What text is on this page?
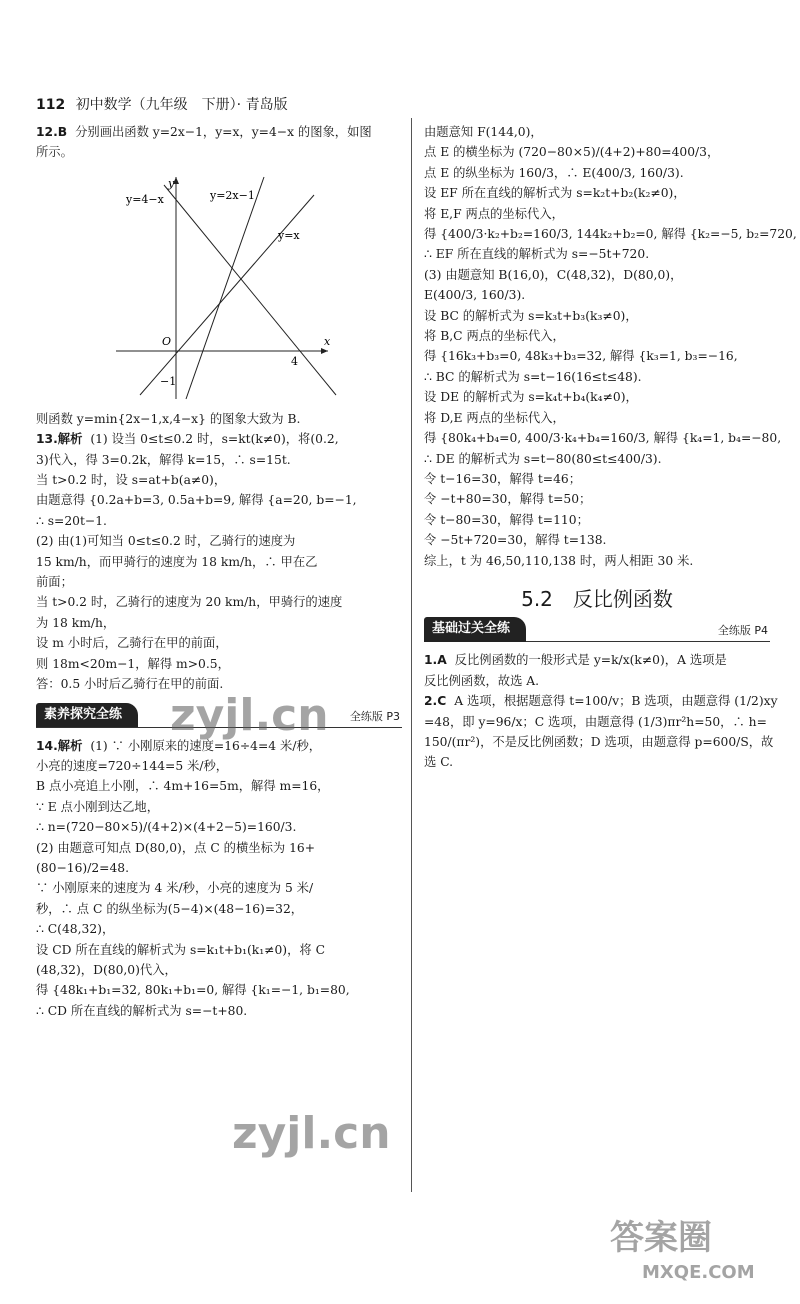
112 初中数学（九年级　下册）· 青岛版
12.B 分别画出函数 y=2x−1，y=x，y=4−x 的图象，如图
所示。
y=4−x
y
y=2x−1
y=x
O	x
4
−1
则函数 y=min{2x−1,x,4−x} 的图象大致为 B.
13.解析 (1) 设当 0≤t≤0.2 时，s=kt(k≠0)，将(0.2,
3)代入，得 3=0.2k，解得 k=15，∴ s=15t.
当 t>0.2 时，设 s=at+b(a≠0)，
由题意得 {0.2a+b=3, 0.5a+b=9, 解得 {a=20, b=−1,
∴ s=20t−1.
(2) 由(1)可知当 0≤t≤0.2 时，乙骑行的速度为
15 km/h，而甲骑行的速度为 18 km/h，∴ 甲在乙
前面；
当 t>0.2 时，乙骑行的速度为 20 km/h，甲骑行的速度
为 18 km/h，
设 m 小时后，乙骑行在甲的前面，
则 18m<20m−1，解得 m>0.5，
答：0.5 小时后乙骑行在甲的前面.
素养探究全练	全练版 P3
14.解析 (1) ∵ 小刚原来的速度=16÷4=4 米/秒，
小亮的速度=720÷144=5 米/秒，
B 点小亮追上小刚，∴ 4m+16=5m，解得 m=16，
∵ E 点小刚到达乙地，
∴ n=(720−80×5)/(4+2)×(4+2−5)=160/3.
(2) 由题意可知点 D(80,0)，点 C 的横坐标为 16+
(80−16)/2=48.
∵ 小刚原来的速度为 4 米/秒，小亮的速度为 5 米/
秒，∴ 点 C 的纵坐标为(5−4)×(48−16)=32，
∴ C(48,32)，
设 CD 所在直线的解析式为 s=k₁t+b₁(k₁≠0)，将 C
(48,32)，D(80,0)代入，
得 {48k₁+b₁=32, 80k₁+b₁=0, 解得 {k₁=−1, b₁=80,
∴ CD 所在直线的解析式为 s=−t+80.
由题意知 F(144,0)，
点 E 的横坐标为 (720−80×5)/(4+2)+80=400/3，
点 E 的纵坐标为 160/3，∴ E(400/3, 160/3).
设 EF 所在直线的解析式为 s=k₂t+b₂(k₂≠0)，
将 E,F 两点的坐标代入，
得 {400/3·k₂+b₂=160/3, 144k₂+b₂=0, 解得 {k₂=−5, b₂=720,
∴ EF 所在直线的解析式为 s=−5t+720.
(3) 由题意知 B(16,0)，C(48,32)，D(80,0)，
E(400/3, 160/3).
设 BC 的解析式为 s=k₃t+b₃(k₃≠0)，
将 B,C 两点的坐标代入，
得 {16k₃+b₃=0, 48k₃+b₃=32, 解得 {k₃=1, b₃=−16,
∴ BC 的解析式为 s=t−16(16≤t≤48).
设 DE 的解析式为 s=k₄t+b₄(k₄≠0)，
将 D,E 两点的坐标代入，
得 {80k₄+b₄=0, 400/3·k₄+b₄=160/3, 解得 {k₄=1, b₄=−80,
∴ DE 的解析式为 s=t−80(80≤t≤400/3).
令 t−16=30，解得 t=46；
令 −t+80=30，解得 t=50；
令 t−80=30，解得 t=110；
令 −5t+720=30，解得 t=138.
综上，t 为 46,50,110,138 时，两人相距 30 米.
5.2　反比例函数
基础过关全练	全练版 P4
1.A 反比例函数的一般形式是 y=k/x(k≠0)，A 选项是
反比例函数，故选 A.
2.C A 选项，根据题意得 t=100/v；B 选项，由题意得 (1/2)xy
=48，即 y=96/x；C 选项，由题意得 (1/3)πr²h=50，∴ h=
150/(πr²)，不是反比例函数；D 选项，由题意得 p=600/S，故
选 C.
zyjl.cn
zyjl.cn
答案圈
MXQE.COM
